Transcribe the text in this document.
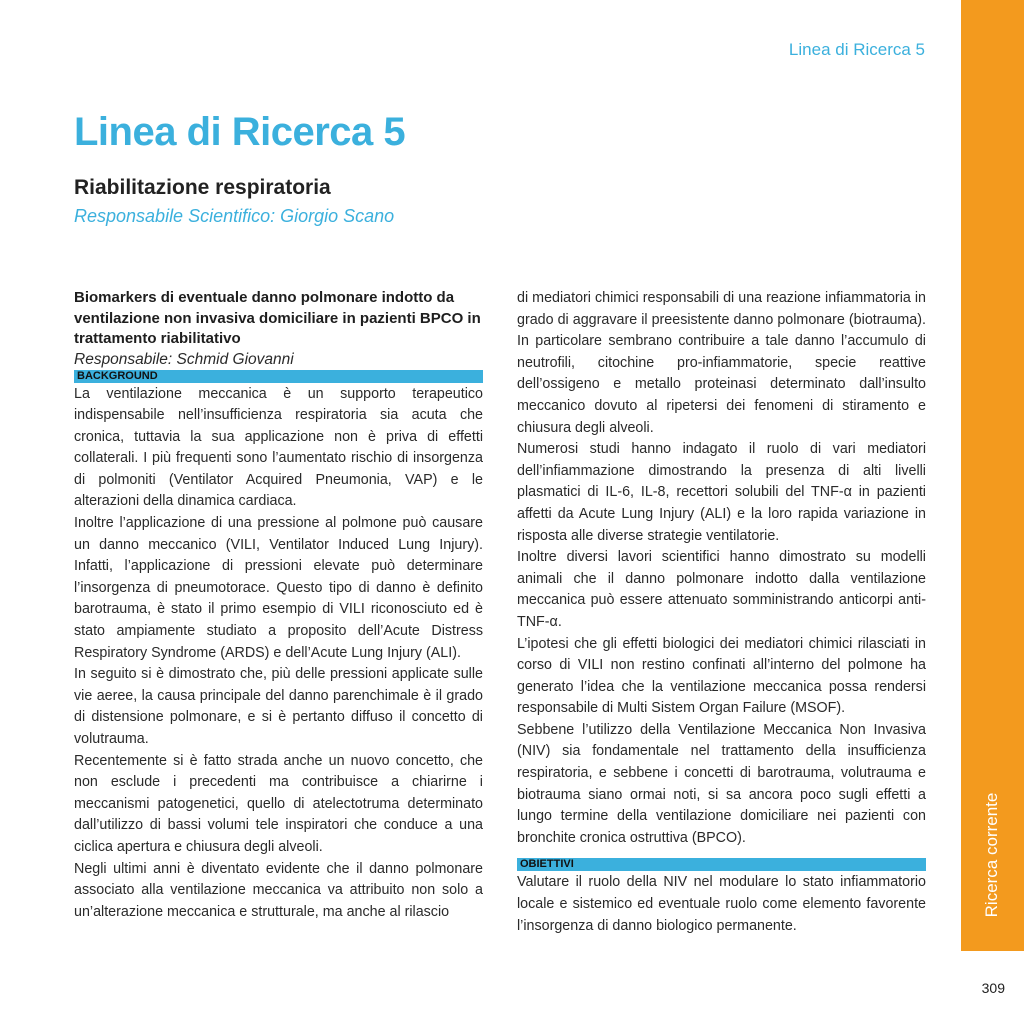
Ricerca corrente
Linea di Ricerca 5
Linea di Ricerca 5
Riabilitazione respiratoria
Responsabile Scientifico: Giorgio Scano

Biomarkers di eventuale danno polmonare indotto da ventilazione non invasiva domiciliare in pazienti BPCO in trattamento riabilitativo

Responsabile: Schmid Giovanni

BACKGROUND

La ventilazione meccanica è un supporto terapeutico indispensabile nell’insufficienza respiratoria sia acuta che cronica, tuttavia la sua applicazione non è priva di effetti collaterali. I più frequenti sono l’aumentato rischio di insorgenza di polmoniti (Ventilator Acquired Pneumonia, VAP) e le alterazioni della dinamica cardiaca.

Inoltre l’applicazione di una pressione al polmone può causare un danno meccanico (VILI, Ventilator Induced Lung Injury). Infatti, l’applicazione di pressioni elevate può determinare l’insorgenza di pneumotorace. Questo tipo di danno è definito barotrauma, è stato il primo esempio di VILI riconosciuto ed è stato ampiamente studiato a proposito dell’Acute Distress Respiratory Syndrome (ARDS) e dell’Acute Lung Injury (ALI).

In seguito si è dimostrato che, più delle pressioni applicate sulle vie aeree, la causa principale del danno parenchimale è il grado di distensione polmonare, e si è pertanto diffuso il concetto di volutrauma.

Recentemente si è fatto strada anche un nuovo concetto, che non esclude i precedenti ma contribuisce a chiarirne i meccanismi patogenetici, quello di atelectotruma determinato dall’utilizzo di bassi volumi tele inspiratori che conduce a una ciclica apertura e chiusura degli alveoli.

Negli ultimi anni è diventato evidente che il danno polmonare associato alla ventilazione meccanica va attribuito non solo a un’alterazione meccanica e strutturale, ma anche al rilascio

di mediatori chimici responsabili di una reazione infiammatoria in grado di aggravare il preesistente danno polmonare (biotrauma). In particolare sembrano contribuire a tale danno l’accumulo di neutrofili, citochine pro-infiammatorie, specie reattive dell’ossigeno e metallo proteinasi determinato dall’insulto meccanico dovuto al ripetersi dei fenomeni di stiramento e chiusura degli alveoli.

Numerosi studi hanno indagato il ruolo di vari mediatori dell’infiammazione dimostrando la presenza di alti livelli plasmatici di IL-6, IL-8, recettori solubili del TNF-α in pazienti affetti da Acute Lung Injury (ALI) e la loro rapida variazione in risposta alle diverse strategie ventilatorie.

Inoltre diversi lavori scientifici hanno dimostrato su modelli animali che il danno polmonare indotto dalla ventilazione meccanica può essere attenuato somministrando anticorpi anti-TNF-α.

L’ipotesi che gli effetti biologici dei mediatori chimici rilasciati in corso di VILI non restino confinati all’interno del polmone ha generato l’idea che la ventilazione meccanica possa rendersi responsabile di Multi Sistem Organ Failure (MSOF).

Sebbene l’utilizzo della Ventilazione Meccanica Non Invasiva (NIV) sia fondamentale nel trattamento della insufficienza respiratoria, e sebbene i concetti di barotrauma, volutrauma e biotrauma siano ormai noti, si sa ancora poco sugli effetti a lungo termine della ventilazione domiciliare nei pazienti con bronchite cronica ostruttiva (BPCO).

OBIETTIVI

Valutare il ruolo della NIV nel modulare lo stato infiammatorio locale e sistemico ed eventuale ruolo come elemento favorente l’insorgenza di danno biologico permanente.

309
